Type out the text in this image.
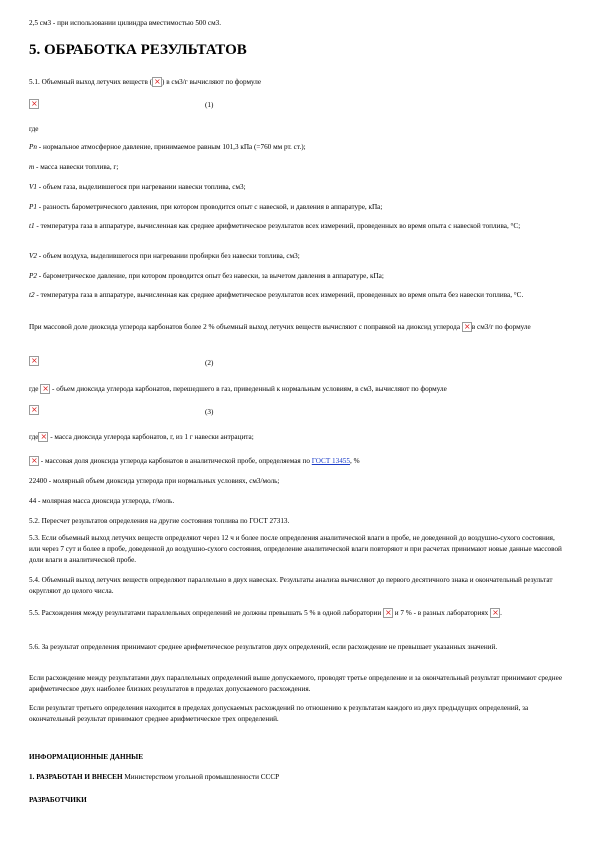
2,5 см3 - при использовании цилиндра вместимостью 500 см3.
5. ОБРАБОТКА РЕЗУЛЬТАТОВ
5.1. Объемный выход летучих веществ ( × ) в см3/г вычисляют по формуле
×
(1)
где
Pn - нормальное атмосферное давление, принимаемое равным 101,3 кПа (=760 мм рт. ст.);
m - масса навески топлива, г;
V1 - объем газа, выделившегося при нагревании навески топлива, см3;
P1 - разность барометрического давления, при котором проводится опыт с навеской, и давления в аппаратуре, кПа;
t1 - температура газа в аппаратуре, вычисленная как среднее арифметическое результатов всех измерений, проведенных во время опыта с навеской топлива, °С;
V2 - объем воздуха, выделившегося при нагревании пробирки без навески топлива, см3;
P2 - барометрическое давление, при котором проводится опыт без навески, за вычетом давления в аппаратуре, кПа;
t2 - температура газа в аппаратуре, вычисленная как среднее арифметическое результатов всех измерений, проведенных во время опыта без навески топлива, °С.
При массовой доле диоксида углерода карбонатов более 2 % объемный выход летучих веществ вычисляют с поправкой на диоксид углерода × в см3/г по формуле
×
(2)
где × - объем диоксида углерода карбонатов, перешедшего в газ, приведенный к нормальным условиям, в см3, вычисляют по формуле
×
(3)
где × - масса диоксида углерода карбонатов, г, из 1 г навески антрацита;
× - массовая доля диоксида углерода карбонатов в аналитической пробе, определяемая по ГОСТ 13455, %
22400 - молярный объем диоксида углерода при нормальных условиях, см3/моль;
44 - молярная масса диоксида углерода, г/моль.
5.2. Пересчет результатов определения на другие состояния топлива по ГОСТ 27313.
5.3. Если объемный выход летучих веществ определяют через 12 ч и более после определения аналитической влаги в пробе, не доведенной до воздушно-сухого состояния, или через 7 сут и более в пробе, доведенной до воздушно-сухого состояния, определение аналитической влаги повторяют и при расчетах принимают новые данные массовой доли влаги в аналитической пробе.
5.4. Объемный выход летучих веществ определяют параллельно в двух навесках. Результаты анализа вычисляют до первого десятичного знака и окончательный результат округляют до целого числа.
5.5. Расхождения между результатами параллельных определений не должны превышать 5 % в одной лаборатории × и 7 % - в разных лабораториях × .
5.6. За результат определения принимают среднее арифметическое результатов двух определений, если расхождение не превышает указанных значений.
Если расхождение между результатами двух параллельных определений выше допускаемого, проводят третье определение и за окончательный результат принимают среднее арифметическое двух наиболее близких результатов в пределах допускаемого расхождения.
Если результат третьего определения находится в пределах допускаемых расхождений по отношению к результатам каждого из двух предыдущих определений, за окончательный результат принимают среднее арифметическое трех определений.
ИНФОРМАЦИОННЫЕ ДАННЫЕ
1. РАЗРАБОТАН И ВНЕСЕН Министерством угольной промышленности СССР
РАЗРАБОТЧИКИ
